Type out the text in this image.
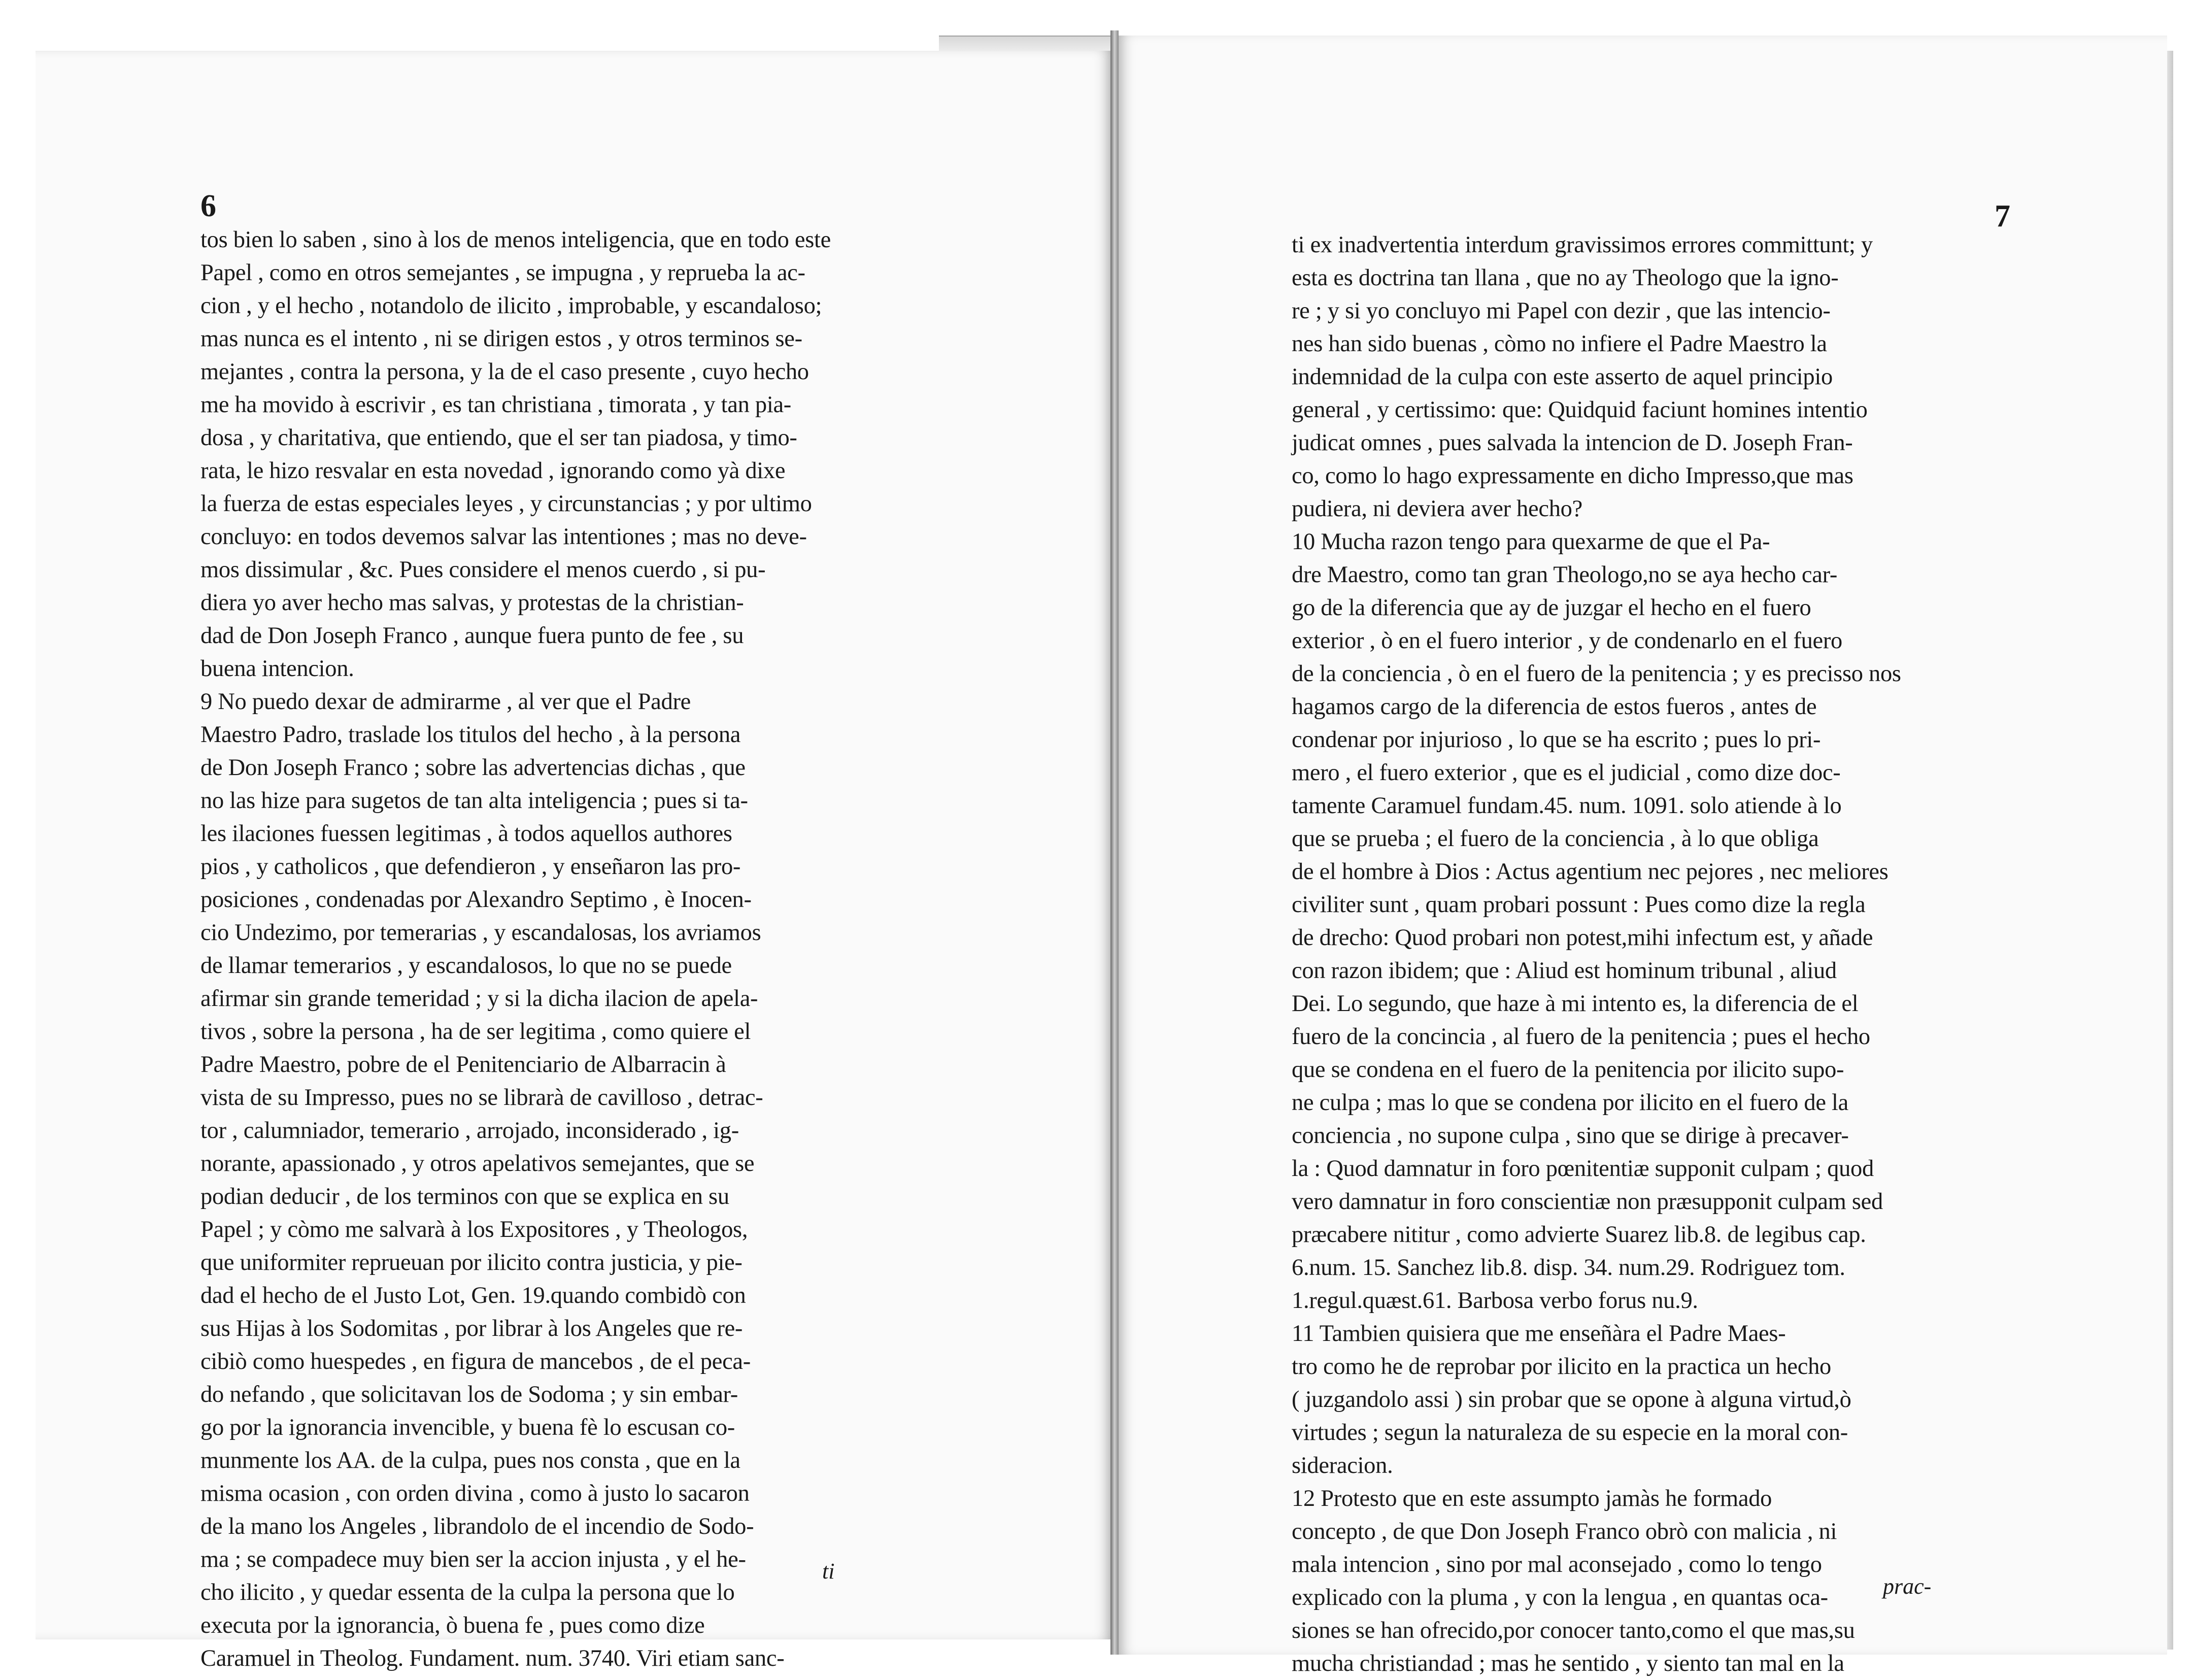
6
tos bien lo saben , sino à los de menos inteligencia, que en todo este
Papel , como en otros semejantes , se impugna , y reprueba la ac-
cion , y el hecho , notandolo de ilicito , improbable, y escandaloso;
mas nunca es el intento , ni se dirigen estos , y otros terminos se-
mejantes , contra la persona, y la de el caso presente , cuyo hecho
me ha movido à escrivir , es tan christiana , timorata , y tan pia-
dosa , y charitativa, que entiendo, que el ser tan piadosa, y timo-
rata, le hizo resvalar en esta novedad , ignorando como yà dixe
la fuerza de estas especiales leyes , y circunstancias ; y por ultimo
concluyo: en todos devemos salvar las intentiones ; mas no deve-
mos dissimular , &c. Pues considere el menos cuerdo , si pu-
diera yo aver hecho mas salvas, y protestas de la christian-
dad de Don Joseph Franco , aunque fuera punto de fee , su
buena intencion.
9 No puedo dexar de admirarme , al ver que el Padre
Maestro Padro, traslade los titulos del hecho , à la persona
de Don Joseph Franco ; sobre las advertencias dichas , que
no las hize para sugetos de tan alta inteligencia ; pues si ta-
les ilaciones fuessen legitimas , à todos aquellos authores
pios , y catholicos , que defendieron , y enseñaron las pro-
posiciones , condenadas por Alexandro Septimo , è Inocen-
cio Undezimo, por temerarias , y escandalosas, los avriamos
de llamar temerarios , y escandalosos, lo que no se puede
afirmar sin grande temeridad ; y si la dicha ilacion de apela-
tivos , sobre la persona , ha de ser legitima , como quiere el
Padre Maestro, pobre de el Penitenciario de Albarracin à
vista de su Impresso, pues no se librarà de cavilloso , detrac-
tor , calumniador, temerario , arrojado, inconsiderado , ig-
norante, apassionado , y otros apelativos semejantes, que se
podian deducir , de los terminos con que se explica en su
Papel ; y còmo me salvarà à los Expositores , y Theologos,
que uniformiter reprueuan por ilicito contra justicia, y pie-
dad el hecho de el Justo Lot, Gen. 19.quando combidò con
sus Hijas à los Sodomitas , por librar à los Angeles que re-
cibiò como huespedes , en figura de mancebos , de el peca-
do nefando , que solicitavan los de Sodoma ; y sin embar-
go por la ignorancia invencible, y buena fè lo escusan co-
munmente los AA. de la culpa, pues nos consta , que en la
misma ocasion , con orden divina , como à justo lo sacaron
de la mano los Angeles , librandolo de el incendio de Sodo-
ma ; se compadece muy bien ser la accion injusta , y el he-
cho ilicito , y quedar essenta de la culpa la persona que lo
executa por la ignorancia, ò buena fe , pues como dize
Caramuel in Theolog. Fundament. num. 3740. Viri etiam sanc-
ti
7
ti ex inadvertentia interdum gravissimos errores committunt; y
esta es doctrina tan llana , que no ay Theologo que la igno-
re ; y si yo concluyo mi Papel con dezir , que las intencio-
nes han sido buenas , còmo no infiere el Padre Maestro la
indemnidad de la culpa con este asserto de aquel principio
general , y certissimo: que: Quidquid faciunt homines intentio
judicat omnes , pues salvada la intencion de D. Joseph Fran-
co, como lo hago expressamente en dicho Impresso,que mas
pudiera, ni deviera aver hecho?
10 Mucha razon tengo para quexarme de que el Pa-
dre Maestro, como tan gran Theologo,no se aya hecho car-
go de la diferencia que ay de juzgar el hecho en el fuero
exterior , ò en el fuero interior , y de condenarlo en el fuero
de la conciencia , ò en el fuero de la penitencia ; y es precisso nos
hagamos cargo de la diferencia de estos fueros , antes de
condenar por injurioso , lo que se ha escrito ; pues lo pri-
mero , el fuero exterior , que es el judicial , como dize doc-
tamente Caramuel fundam.45. num. 1091. solo atiende à lo
que se prueba ; el fuero de la conciencia , à lo que obliga
de el hombre à Dios : Actus agentium nec pejores , nec meliores
civiliter sunt , quam probari possunt : Pues como dize la regla
de drecho: Quod probari non potest,mihi infectum est, y añade
con razon ibidem; que : Aliud est hominum tribunal , aliud
Dei. Lo segundo, que haze à mi intento es, la diferencia de el
fuero de la concincia , al fuero de la penitencia ; pues el hecho
que se condena en el fuero de la penitencia por ilicito supo-
ne culpa ; mas lo que se condena por ilicito en el fuero de la
conciencia , no supone culpa , sino que se dirige à precaver-
la : Quod damnatur in foro pœnitentiæ supponit culpam ; quod
vero damnatur in foro conscientiæ non præsupponit culpam sed
præcabere nititur , como advierte Suarez lib.8. de legibus cap.
6.num. 15. Sanchez lib.8. disp. 34. num.29. Rodriguez tom.
1.regul.quæst.61. Barbosa verbo forus nu.9.
11 Tambien quisiera que me enseñàra el Padre Maes-
tro como he de reprobar por ilicito en la practica un hecho
( juzgandolo assi ) sin probar que se opone à alguna virtud,ò
virtudes ; segun la naturaleza de su especie en la moral con-
sideracion.
12 Protesto que en este assumpto jamàs he formado
concepto , de que Don Joseph Franco obrò con malicia , ni
mala intencion , sino por mal aconsejado , como lo tengo
explicado con la pluma , y con la lengua , en quantas oca-
siones se han ofrecido,por conocer tanto,como el que mas,su
mucha christiandad ; mas he sentido , y siento tan mal en la
prac-
